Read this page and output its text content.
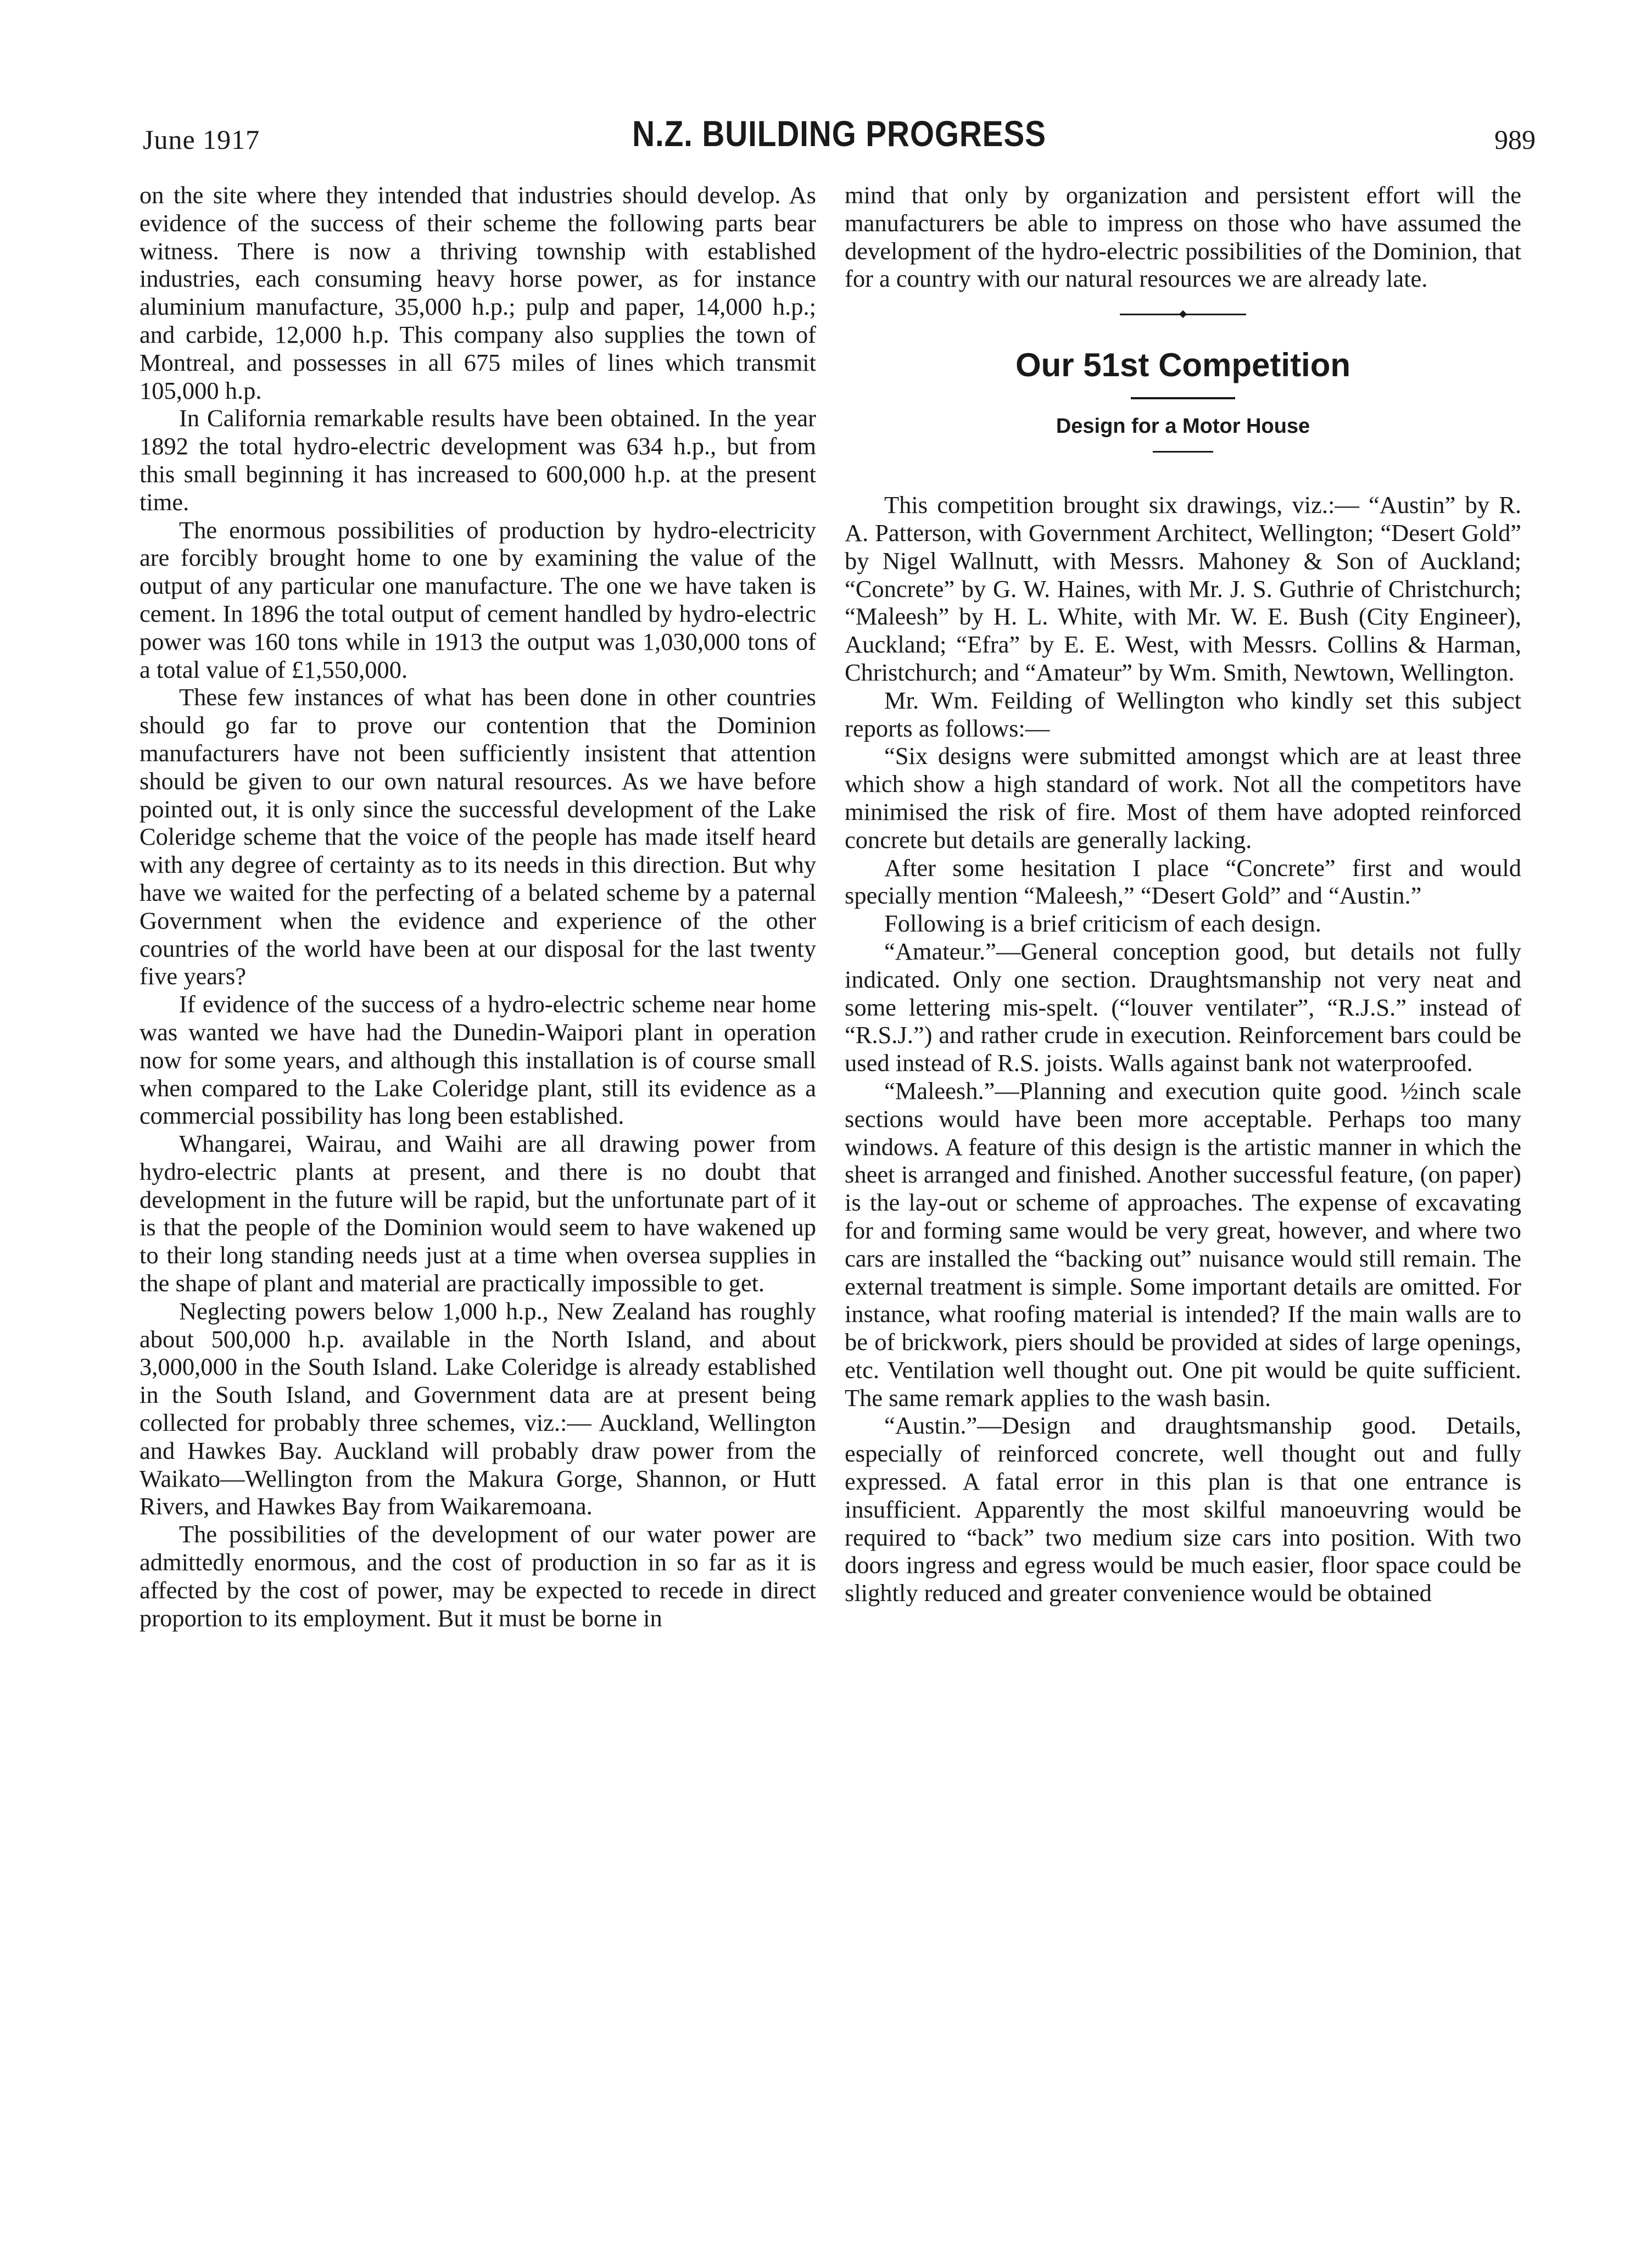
June 1917	N.Z. BUILDING PROGRESS	989

on the site where they intended that industries should develop. As evidence of the success of their scheme the following parts bear witness. There is now a thriving township with established industries, each consuming heavy horse power, as for instance aluminium manufacture, 35,000 h.p.; pulp and paper, 14,000 h.p.; and carbide, 12,000 h.p. This company also supplies the town of Montreal, and possesses in all 675 miles of lines which transmit 105,000 h.p.

In California remarkable results have been obtained. In the year 1892 the total hydro-electric development was 634 h.p., but from this small beginning it has increased to 600,000 h.p. at the present time.

The enormous possibilities of production by hydro-electricity are forcibly brought home to one by examining the value of the output of any particular one manufacture. The one we have taken is cement. In 1896 the total output of cement handled by hydro-electric power was 160 tons while in 1913 the output was 1,030,000 tons of a total value of £1,550,000.

These few instances of what has been done in other countries should go far to prove our contention that the Dominion manufacturers have not been sufficiently insistent that attention should be given to our own natural resources. As we have before pointed out, it is only since the successful development of the Lake Coleridge scheme that the voice of the people has made itself heard with any degree of certainty as to its needs in this direction. But why have we waited for the perfecting of a belated scheme by a paternal Government when the evidence and experience of the other countries of the world have been at our disposal for the last twenty five years?

If evidence of the success of a hydro-electric scheme near home was wanted we have had the Dunedin-Waipori plant in operation now for some years, and although this installation is of course small when compared to the Lake Coleridge plant, still its evidence as a commercial possibility has long been established.

Whangarei, Wairau, and Waihi are all drawing power from hydro-electric plants at present, and there is no doubt that development in the future will be rapid, but the unfortunate part of it is that the people of the Dominion would seem to have wakened up to their long standing needs just at a time when oversea supplies in the shape of plant and material are practically impossible to get.

Neglecting powers below 1,000 h.p., New Zealand has roughly about 500,000 h.p. available in the North Island, and about 3,000,000 in the South Island. Lake Coleridge is already established in the South Island, and Government data are at present being collected for probably three schemes, viz.:— Auckland, Wellington and Hawkes Bay. Auckland will probably draw power from the Waikato—Wellington from the Makura Gorge, Shannon, or Hutt Rivers, and Hawkes Bay from Waikaremoana.

The possibilities of the development of our water power are admittedly enormous, and the cost of production in so far as it is affected by the cost of power, may be expected to recede in direct proportion to its employment. But it must be borne in

mind that only by organization and persistent effort will the manufacturers be able to impress on those who have assumed the development of the hydro-electric possibilities of the Dominion, that for a country with our natural resources we are already late.

Our 51st Competition
Design for a Motor House

This competition brought six drawings, viz.:— “Austin” by R. A. Patterson, with Government Architect, Wellington; “Desert Gold” by Nigel Wallnutt, with Messrs. Mahoney & Son of Auckland; “Concrete” by G. W. Haines, with Mr. J. S. Guthrie of Christchurch; “Maleesh” by H. L. White, with Mr. W. E. Bush (City Engineer), Auckland; “Efra” by E. E. West, with Messrs. Collins & Harman, Christchurch; and “Amateur” by Wm. Smith, Newtown, Wellington.

Mr. Wm. Feilding of Wellington who kindly set this subject reports as follows:—

“Six designs were submitted amongst which are at least three which show a high standard of work. Not all the competitors have minimised the risk of fire. Most of them have adopted reinforced concrete but details are generally lacking.

After some hesitation I place “Concrete” first and would specially mention “Maleesh,” “Desert Gold” and “Austin.”

Following is a brief criticism of each design.

“Amateur.”—General conception good, but details not fully indicated. Only one section. Draughtsmanship not very neat and some lettering mis-spelt. (“louver ventilater”, “R.J.S.” instead of “R.S.J.”) and rather crude in execution. Reinforcement bars could be used instead of R.S. joists. Walls against bank not waterproofed.

“Maleesh.”—Planning and execution quite good. ½inch scale sections would have been more acceptable. Perhaps too many windows. A feature of this design is the artistic manner in which the sheet is arranged and finished. Another successful feature, (on paper) is the lay-out or scheme of approaches. The expense of excavating for and forming same would be very great, however, and where two cars are installed the “backing out” nuisance would still remain. The external treatment is simple. Some important details are omitted. For instance, what roofing material is intended? If the main walls are to be of brickwork, piers should be provided at sides of large openings, etc. Ventilation well thought out. One pit would be quite sufficient. The same remark applies to the wash basin.

“Austin.”—Design and draughtsmanship good. Details, especially of reinforced concrete, well thought out and fully expressed. A fatal error in this plan is that one entrance is insufficient. Apparently the most skilful manoeuvring would be required to “back” two medium size cars into position. With two doors ingress and egress would be much easier, floor space could be slightly reduced and greater convenience would be obtained
